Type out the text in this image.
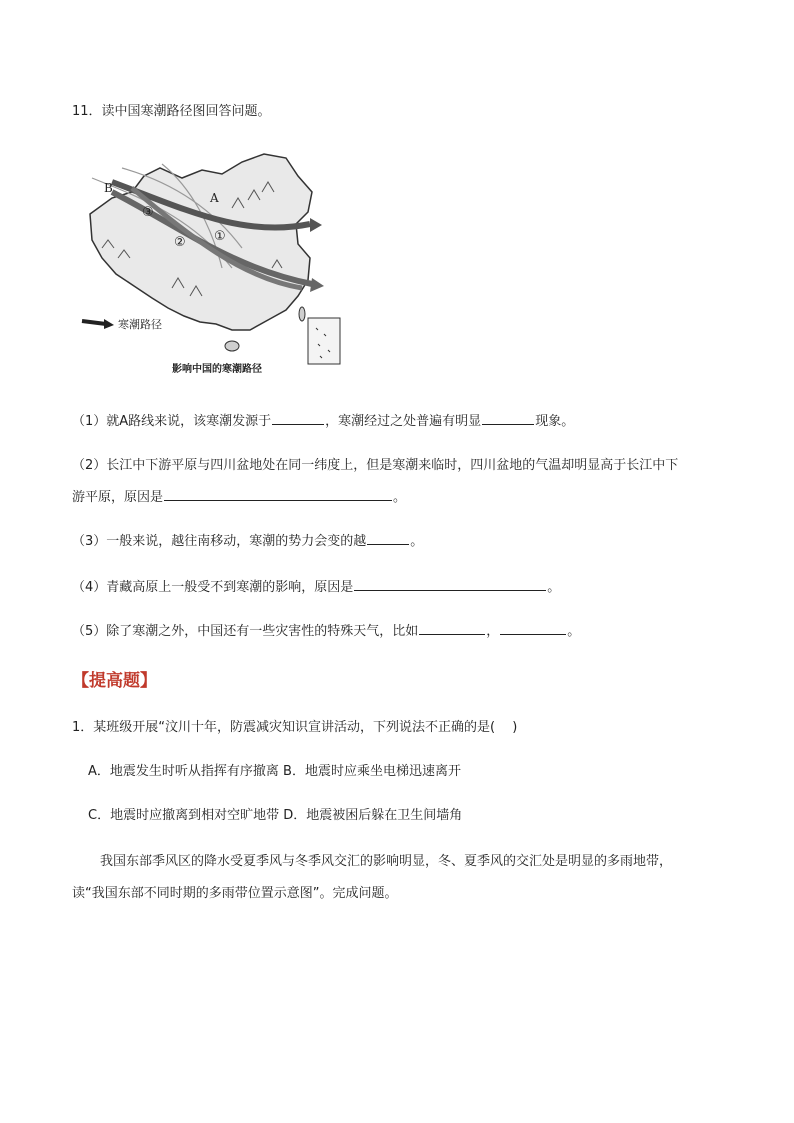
11．读中国寒潮路径图回答问题。
A
B
③
② ①
寒潮路径
影响中国的寒潮路径
（1）就A路线来说，该寒潮发源于	，寒潮经过之处普遍有明显	现象。
（2）长江中下游平原与四川盆地处在同一纬度上，但是寒潮来临时，四川盆地的气温却明显高于长江中下
游平原，原因是	。
（3）一般来说，越往南移动，寒潮的势力会变的越	。
（4）青藏高原上一般受不到寒潮的影响，原因是	。
（5）除了寒潮之外，中国还有一些灾害性的特殊天气，比如	，	。
【提高题】
1．某班级开展“汶川十年，防震减灾知识宣讲活动，下列说法不正确的是(　 )
A．地震发生时听从指挥有序撤离 B．地震时应乘坐电梯迅速离开
C．地震时应撤离到相对空旷地带 D．地震被困后躲在卫生间墙角
我国东部季风区的降水受夏季风与冬季风交汇的影响明显，冬、夏季风的交汇处是明显的多雨地带，
读“我国东部不同时期的多雨带位置示意图”。完成问题。
